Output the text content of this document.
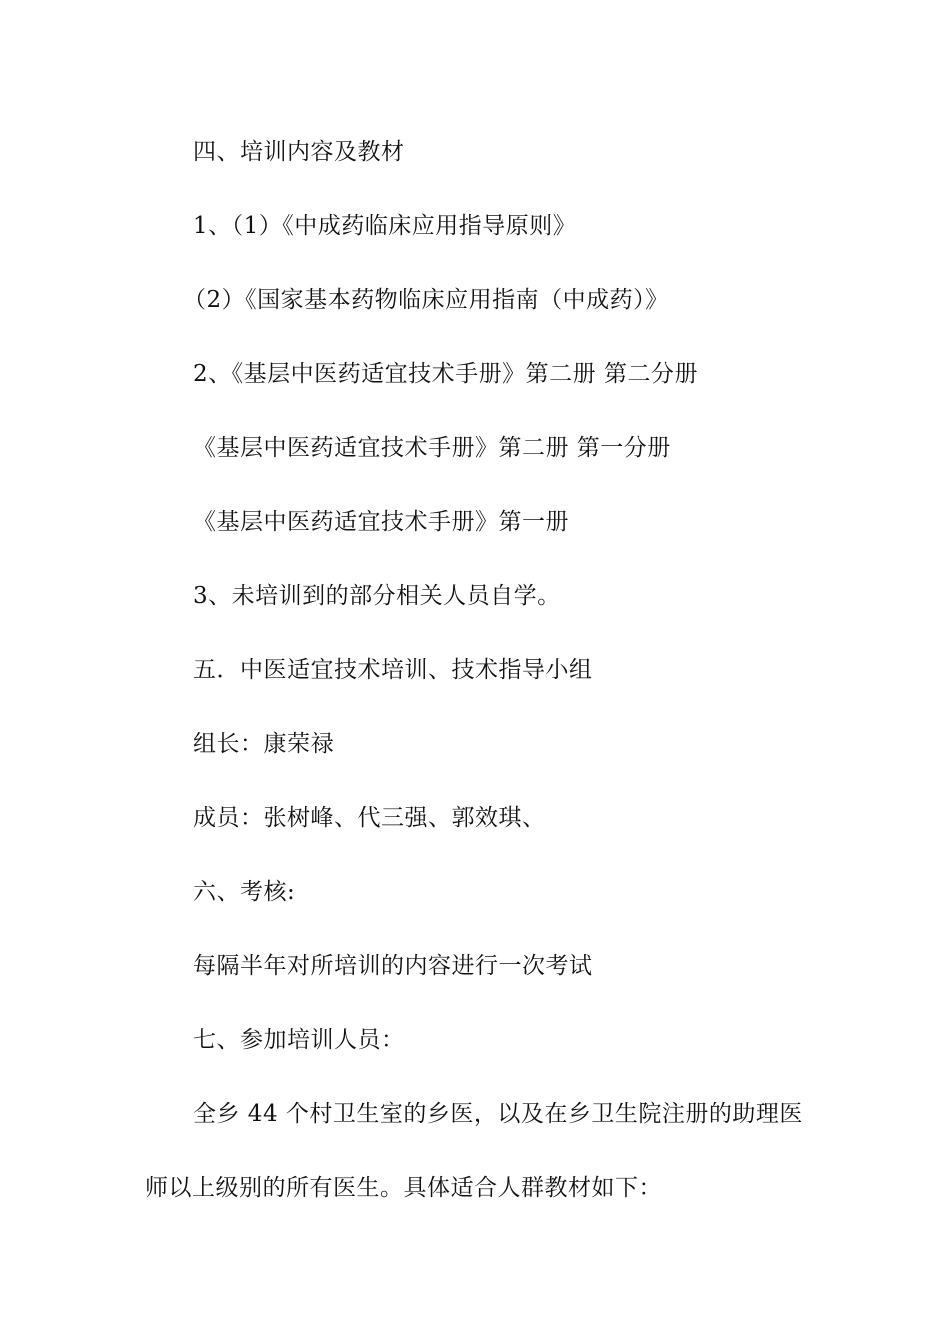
四、培训内容及教材
1、（1）《中成药临床应用指导原则》
（2）《国家基本药物临床应用指南（中成药）》
2、《基层中医药适宜技术手册》第二册 第二分册
《基层中医药适宜技术手册》第二册 第一分册
《基层中医药适宜技术手册》第一册
3、未培训到的部分相关人员自学。
五．中医适宜技术培训、技术指导小组
组长：康荣禄
成员：张树峰、代三强、郭效琪、
六、考核:
每隔半年对所培训的内容进行一次考试
七、参加培训人员：
全乡 44 个村卫生室的乡医，以及在乡卫生院注册的助理医
师以上级别的所有医生。具体适合人群教材如下：
